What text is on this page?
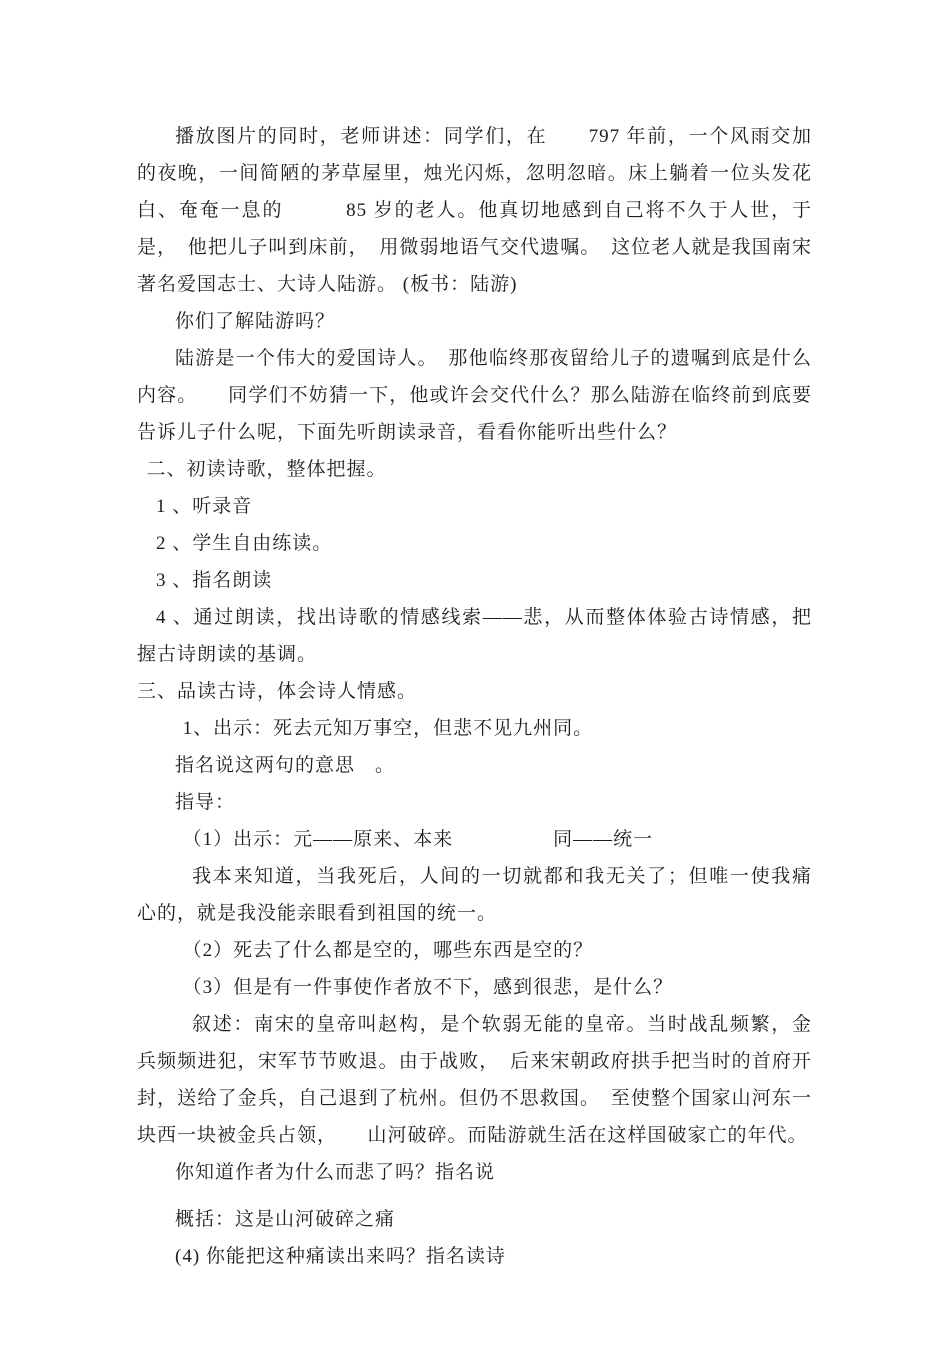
播放图片的同时，老师讲述：同学们，在　　797 年前，一个风雨交加的夜晚，一间简陋的茅草屋里，烛光闪烁，忽明忽暗。床上躺着一位头发花白、奄奄一息的　　　85 岁的老人。他真切地感到自己将不久于人世，于是，　他把儿子叫到床前，　用微弱地语气交代遗嘱。　这位老人就是我国南宋著名爱国志士、大诗人陆游。 (板书：陆游)

你们了解陆游吗？

陆游是一个伟大的爱国诗人。　那他临终那夜留给儿子的遗嘱到底是什么内容。　　同学们不妨猜一下，他或许会交代什么？那么陆游在临终前到底要告诉儿子什么呢，下面先听朗读录音，看看你能听出些什么？

二、初读诗歌，整体把握。

1 、听录音

2 、学生自由练读。

3 、指名朗读

4 、通过朗读，找出诗歌的情感线索——悲，从而整体体验古诗情感，把握古诗朗读的基调。

三、品读古诗，体会诗人情感。

1、出示：死去元知万事空，但悲不见九州同。

指名说这两句的意思　。

指导：

（1）出示：元——原来、本来　　　　　同——统一

我本来知道，当我死后，人间的一切就都和我无关了；但唯一使我痛心的，就是我没能亲眼看到祖国的统一。

（2）死去了什么都是空的，哪些东西是空的？

（3）但是有一件事使作者放不下，感到很悲，是什么？

叙述：南宋的皇帝叫赵构，是个软弱无能的皇帝。当时战乱频繁，金兵频频进犯，宋军节节败退。由于战败，　后来宋朝政府拱手把当时的首府开封，送给了金兵，自己退到了杭州。但仍不思救国。　至使整个国家山河东一块西一块被金兵占领，　　山河破碎。而陆游就生活在这样国破家亡的年代。

你知道作者为什么而悲了吗？指名说

概括：这是山河破碎之痛

(4) 你能把这种痛读出来吗？指名读诗
